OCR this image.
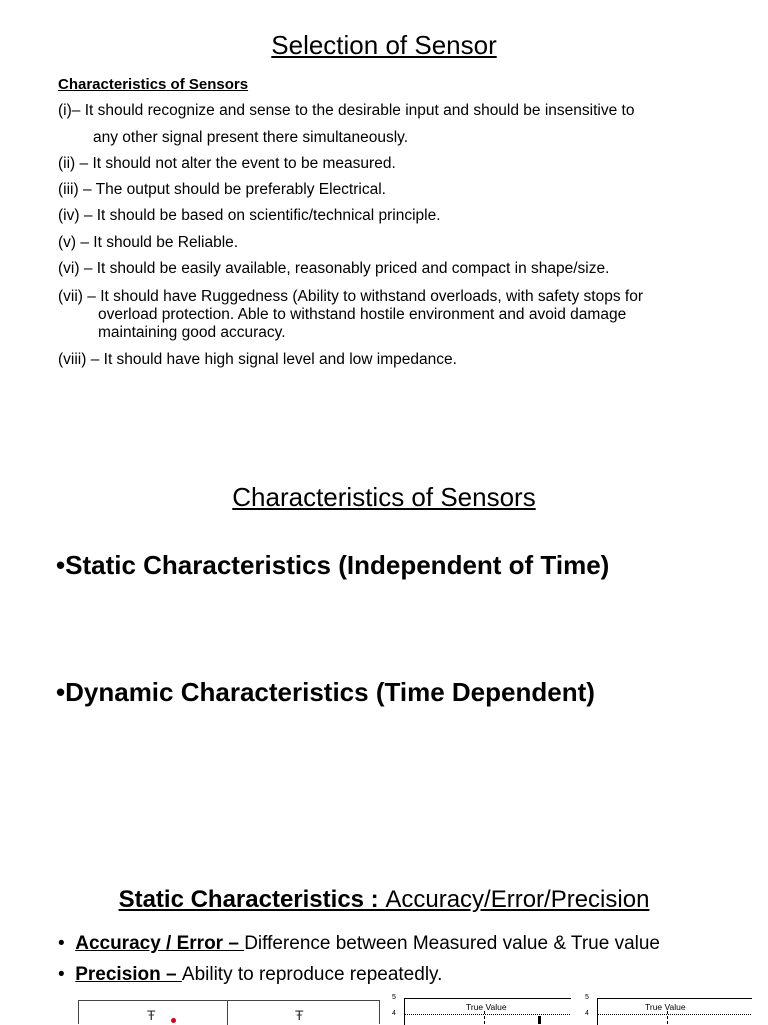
Selection of Sensor
Characteristics of Sensors
(i)– It should recognize and sense to the desirable input and should be insensitive to
any other signal present there simultaneously.
(ii) – It should not alter the event to be measured.
(iii) – The output should be preferably Electrical.
(iv) – It should be based on scientific/technical principle.
(v) – It should be Reliable.
(vi) – It should be easily available, reasonably priced and compact in shape/size.
(vii) – It should have Ruggedness (Ability to withstand overloads, with safety stops for
overload protection. Able to withstand hostile environment and avoid damage
maintaining good accuracy.
(viii) – It should have high signal level and low impedance.
Characteristics of Sensors
•Static Characteristics (Independent of Time)
•Dynamic Characteristics (Time Dependent)
Static Characteristics : Accuracy/Error/Precision
• Accuracy / Error – Difference between Measured value & True value
• Precision – Ability to reproduce repeatedly.
Ŧ	Ŧ
5
4
True Value
5
4
True Value
